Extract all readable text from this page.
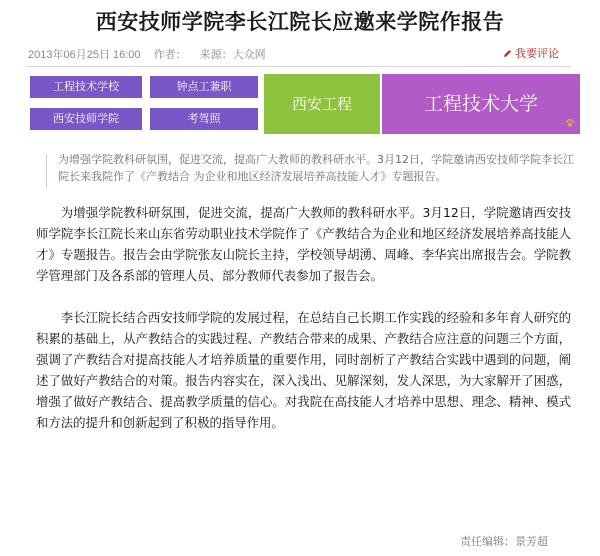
西安技师学院李长江院长应邀来学院作报告
2013年06月25日 16:00 作者： 来源：大众网	我要评论
工程技术学校
西安技师学院
钟点工兼职
考驾照
西安工程	工程技术大学
为增强学院教科研氛围，促进交流，提高广大教师的教科研水平。3月12日，学院邀请西安技师学院李长江院长来我院作了《产教结合 为企业和地区经济发展培养高技能人才》专题报告。

为增强学院教科研氛围，促进交流，提高广大教师的教科研水平。3月12日，学院邀请西安技师学院李长江院长来山东省劳动职业技术学院作了《产教结合为企业和地区经济发展培养高技能人才》专题报告。报告会由学院张友山院长主持，学校领导胡湧、周峰、李华宾出席报告会。学院教学管理部门及各系部的管理人员、部分教师代表参加了报告会。

李长江院长结合西安技师学院的发展过程，在总结自己长期工作实践的经验和多年育人研究的积累的基础上，从产教结合的实践过程、产教结合带来的成果、产教结合应注意的问题三个方面，强调了产教结合对提高技能人才培养质量的重要作用，同时剖析了产教结合实践中遇到的问题，阐述了做好产教结合的对策。报告内容实在，深入浅出、见解深刻，发人深思，为大家解开了困惑，增强了做好产教结合、提高教学质量的信心。对我院在高技能人才培养中思想、理念、精神、模式和方法的提升和创新起到了积极的指导作用。

责任编辑：景芳超
